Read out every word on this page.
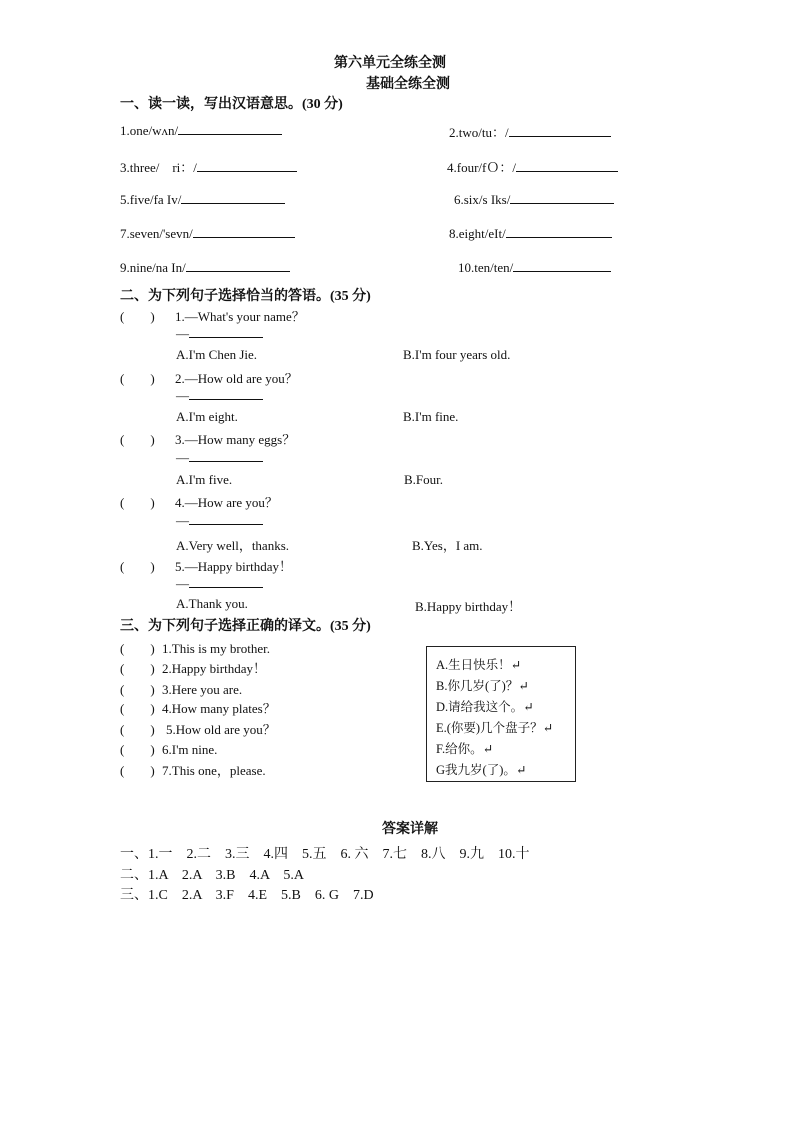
第六单元全练全测
基础全练全测
一、读一读，写出汉语意思。(30 分)
1.one/wʌn/	2.two/tu：/
3.three/　ri：/	4.four/fＯ：/
5.five/fa Iv/	6.six/s Iks/
7.seven/'sevn/	8.eight/eIt/
9.nine/na In/	10.ten/ten/
二、为下列句子选择恰当的答语。(35 分)
(　　) 1.—What's your name？
—
A.I'm Chen Jie.	B.I'm four years old.
(　　) 2.—How old are you？
—
A.I'm eight.	B.I'm fine.
(　　) 3.—How many eggs？
—
A.I'm five.	B.Four.
(　　) 4.—How are you？
—
A.Very well，thanks.	B.Yes，I am.
(　　) 5.—Happy birthday！
—
A.Thank you.	B.Happy birthday！
三、为下列句子选择正确的译文。(35 分)
(　　) 1.This is my brother.
(　　) 2.Happy birthday！
(　　) 3.Here you are.
(　　) 4.How many plates？
(　　) 5.How old are you？
(　　) 6.I'm nine.
(　　) 7.This one，please.
A.生日快乐！↵
B.你几岁(了)？↵
D.请给我这个。↵
E.(你要)几个盘子？↵
F.给你。↵
G我九岁(了)。↵
答案详解
一、1.一　2.二　3.三　4.四　5.五　6. 六　7.七　8.八　9.九　10.十
二、1.A　2.A　3.B　4.A　5.A
三、1.C　2.A　3.F　4.E　5.B　6. G　7.D
